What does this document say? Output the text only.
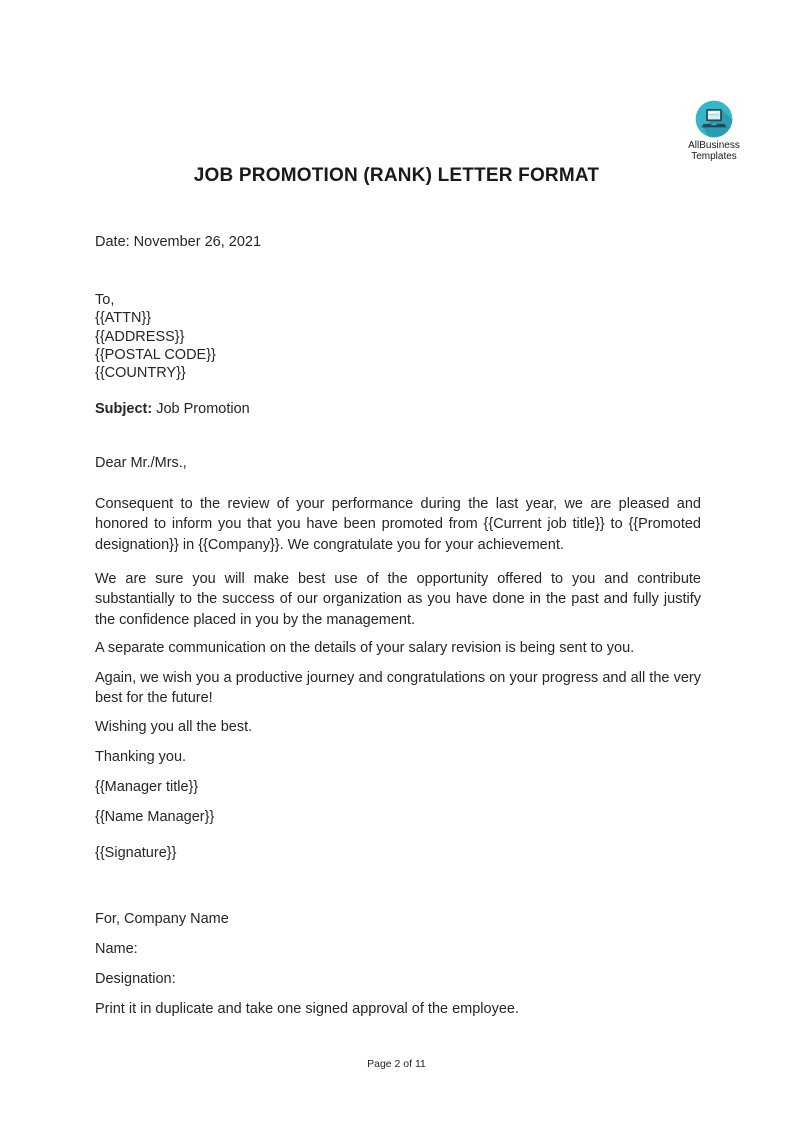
AllBusiness
Templates
JOB PROMOTION (RANK) LETTER FORMAT
Date: November 26, 2021
To,
{{ATTN}}
{{ADDRESS}}
{{POSTAL CODE}}
{{COUNTRY}}
Subject: Job Promotion
Dear Mr./Mrs.,
Consequent to the review of your performance during the last year, we are pleased and honored to inform you that you have been promoted from {{Current job title}} to {{Promoted designation}} in {{Company}}. We congratulate you for your achievement.
We are sure you will make best use of the opportunity offered to you and contribute substantially to the success of our organization as you have done in the past and fully justify the confidence placed in you by the management.
A separate communication on the details of your salary revision is being sent to you.
Again, we wish you a productive journey and congratulations on your progress and all the very best for the future!
Wishing you all the best.
Thanking you.
{{Manager title}}
{{Name Manager}}
{{Signature}}
For, Company Name
Name:
Designation:
Print it in duplicate and take one signed approval of the employee.
Page 2 of 11
